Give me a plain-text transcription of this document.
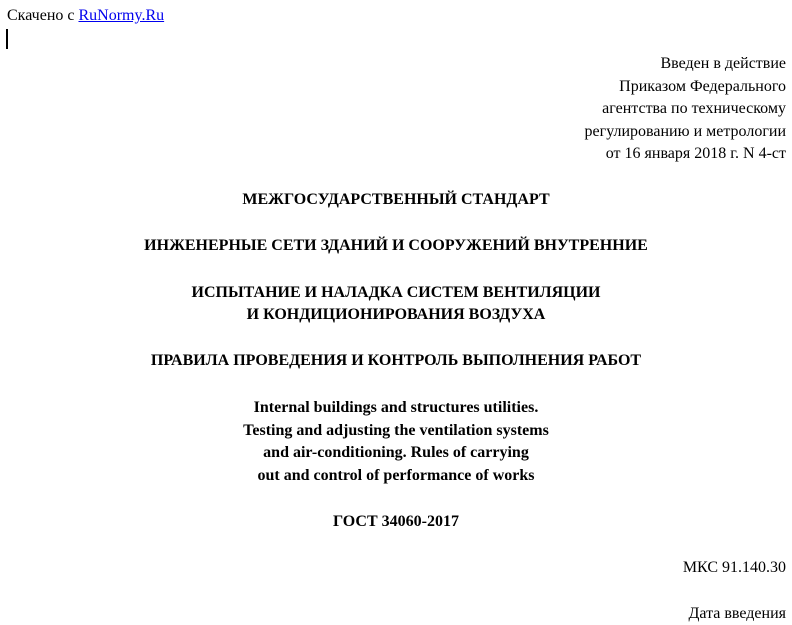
Скачено с RuNormy.Ru
Введен в действие
Приказом Федерального
агентства по техническому
регулированию и метрологии
от 16 января 2018 г. N 4-ст
МЕЖГОСУДАРСТВЕННЫЙ СТАНДАРТ
ИНЖЕНЕРНЫЕ СЕТИ ЗДАНИЙ И СООРУЖЕНИЙ ВНУТРЕННИЕ
ИСПЫТАНИЕ И НАЛАДКА СИСТЕМ ВЕНТИЛЯЦИИ
И КОНДИЦИОНИРОВАНИЯ ВОЗДУХА
ПРАВИЛА ПРОВЕДЕНИЯ И КОНТРОЛЬ ВЫПОЛНЕНИЯ РАБОТ
Internal buildings and structures utilities.
Testing and adjusting the ventilation systems
and air-conditioning. Rules of carrying
out and control of performance of works
ГОСТ 34060-2017
МКС 91.140.30
Дата введения
